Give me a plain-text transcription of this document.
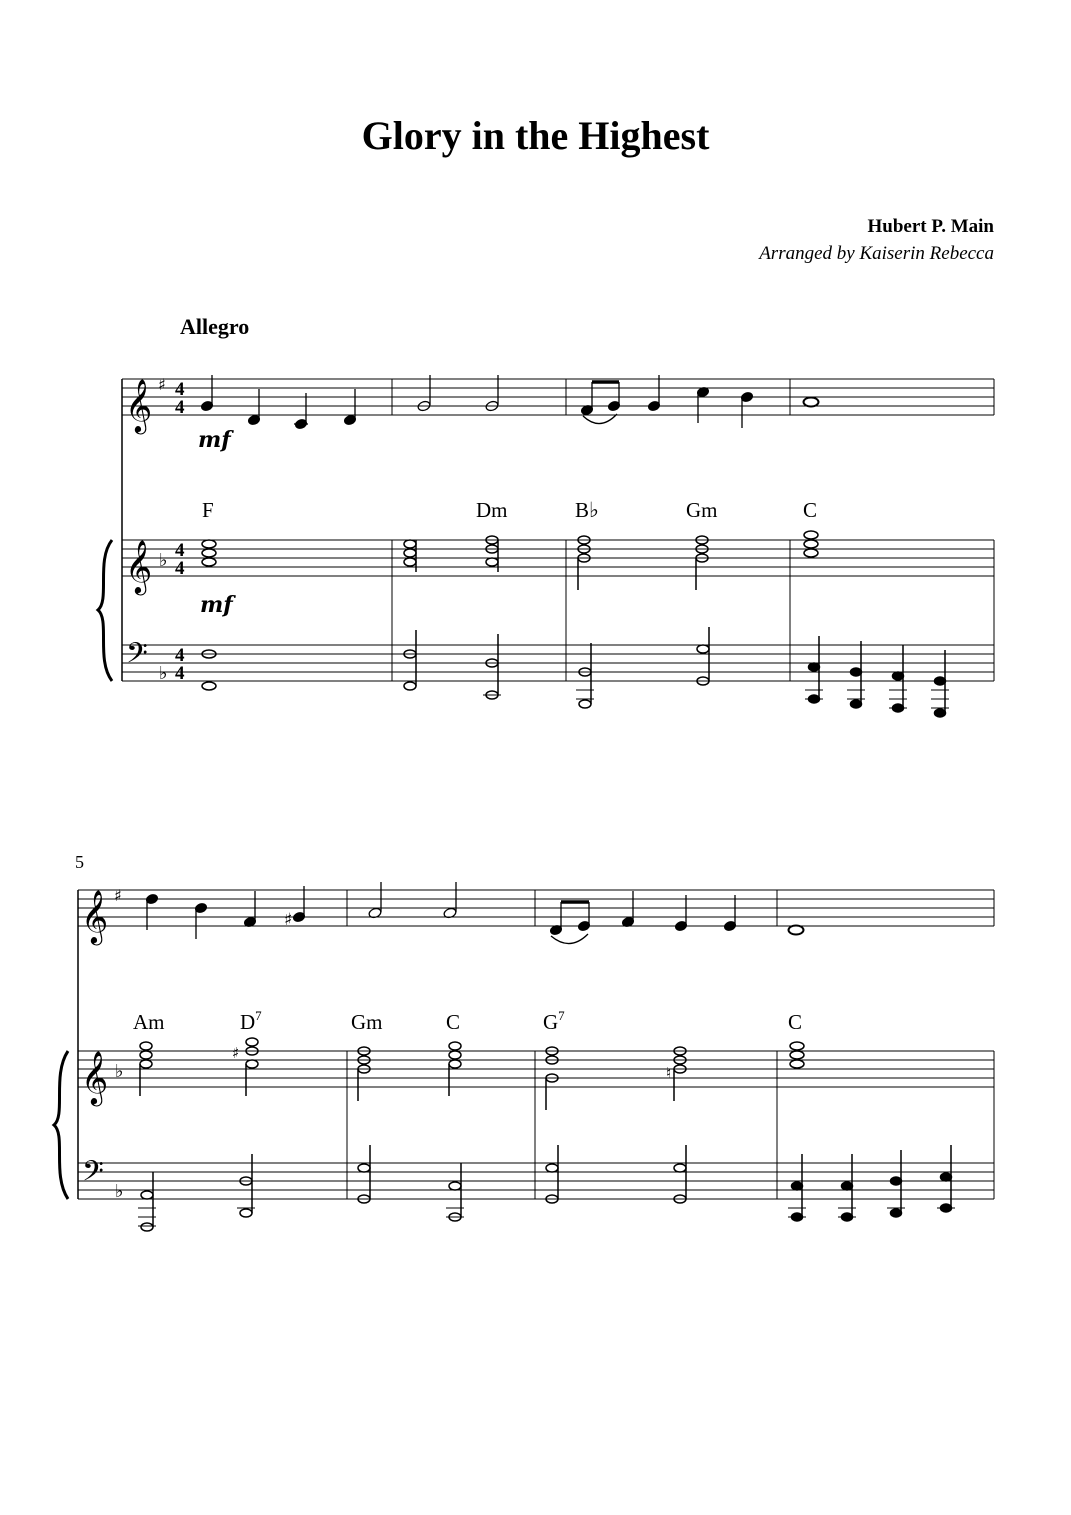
Glory in the Highest
Hubert P. Main
Arranged by Kaiserin Rebecca
Allegro
𝄞
𝄞
𝄢
♯
♭
♭
4
4
4
4
4
4
mf
F	Dm	B♭	Gm	C
mf
5
𝄞
𝄞
𝄢
♯
♭
♭
♯
Am	$D^7$	Gm	C	$G^7$	C
♯
♮
